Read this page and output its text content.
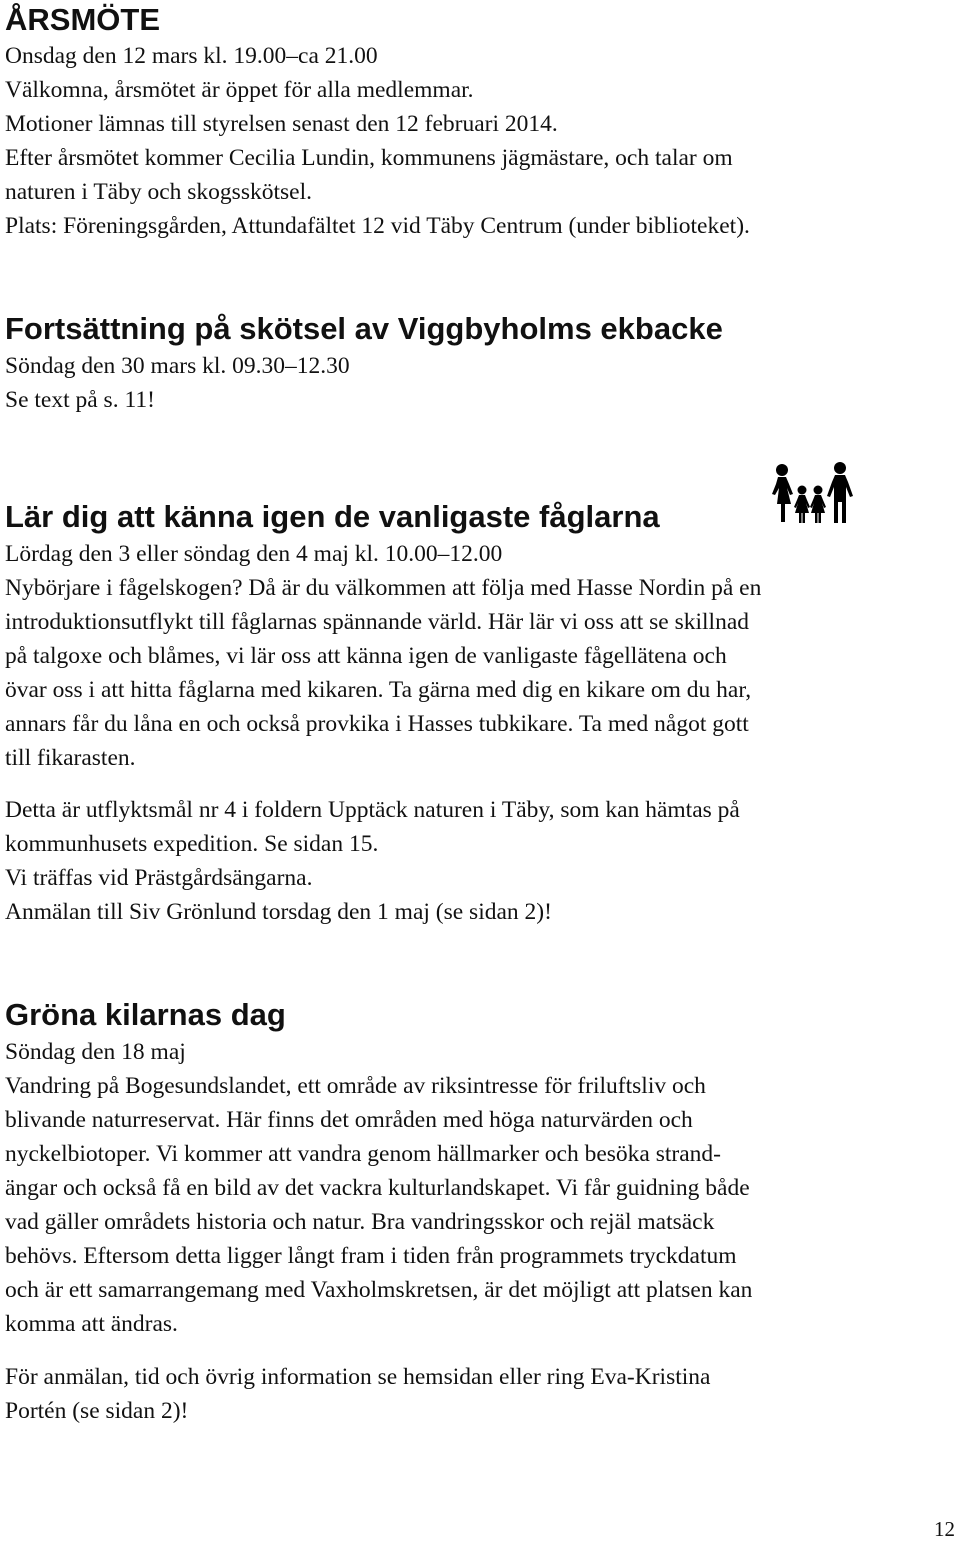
ÅRSMÖTE

Onsdag den 12 mars kl. 19.00–ca 21.00

Välkomna, årsmötet är öppet för alla medlemmar.

Motioner lämnas till styrelsen senast den 12 februari 2014.

Efter årsmötet kommer Cecilia Lundin, kommunens jägmästare, och talar om

naturen i Täby och skogsskötsel.

Plats: Föreningsgården, Attundafältet 12 vid Täby Centrum (under biblioteket).

Fortsättning på skötsel av Viggbyholms ekbacke

Söndag den 30 mars kl. 09.30–12.30

Se text på s. 11!

Lär dig att känna igen de vanligaste fåglarna

Lördag den 3 eller söndag den 4 maj kl. 10.00–12.00

Nybörjare i fågelskogen? Då är du välkommen att följa med Hasse Nordin på en

introduktionsutflykt till fåglarnas spännande värld. Här lär vi oss att se skillnad

på talgoxe och blåmes, vi lär oss att känna igen de vanligaste fågellätena och

övar oss i att hitta fåglarna med kikaren. Ta gärna med dig en kikare om du har,

annars får du låna en och också provkika i Hasses tubkikare. Ta med något gott

till fikarasten.

Detta är utflyktsmål nr 4 i foldern Upptäck naturen i Täby, som kan hämtas på

kommunhusets expedition. Se sidan 15.

Vi träffas vid Prästgårdsängarna.

Anmälan till Siv Grönlund torsdag den 1 maj (se sidan 2)!

Gröna kilarnas dag

Söndag den 18 maj

Vandring på Bogesundslandet, ett område av riksintresse för friluftsliv och

blivande naturreservat. Här finns det områden med höga naturvärden och

nyckelbiotoper. Vi kommer att vandra genom hällmarker och besöka strand-

ängar och också få en bild av det vackra kulturlandskapet. Vi får guidning både

vad gäller områdets historia och natur. Bra vandringsskor och rejäl matsäck

behövs. Eftersom detta ligger långt fram i tiden från programmets tryckdatum

och är ett samarrangemang med Vaxholmskretsen, är det möjligt att platsen kan

komma att ändras.

För anmälan, tid och övrig information se hemsidan eller ring Eva-Kristina

Portén (se sidan 2)!

12
